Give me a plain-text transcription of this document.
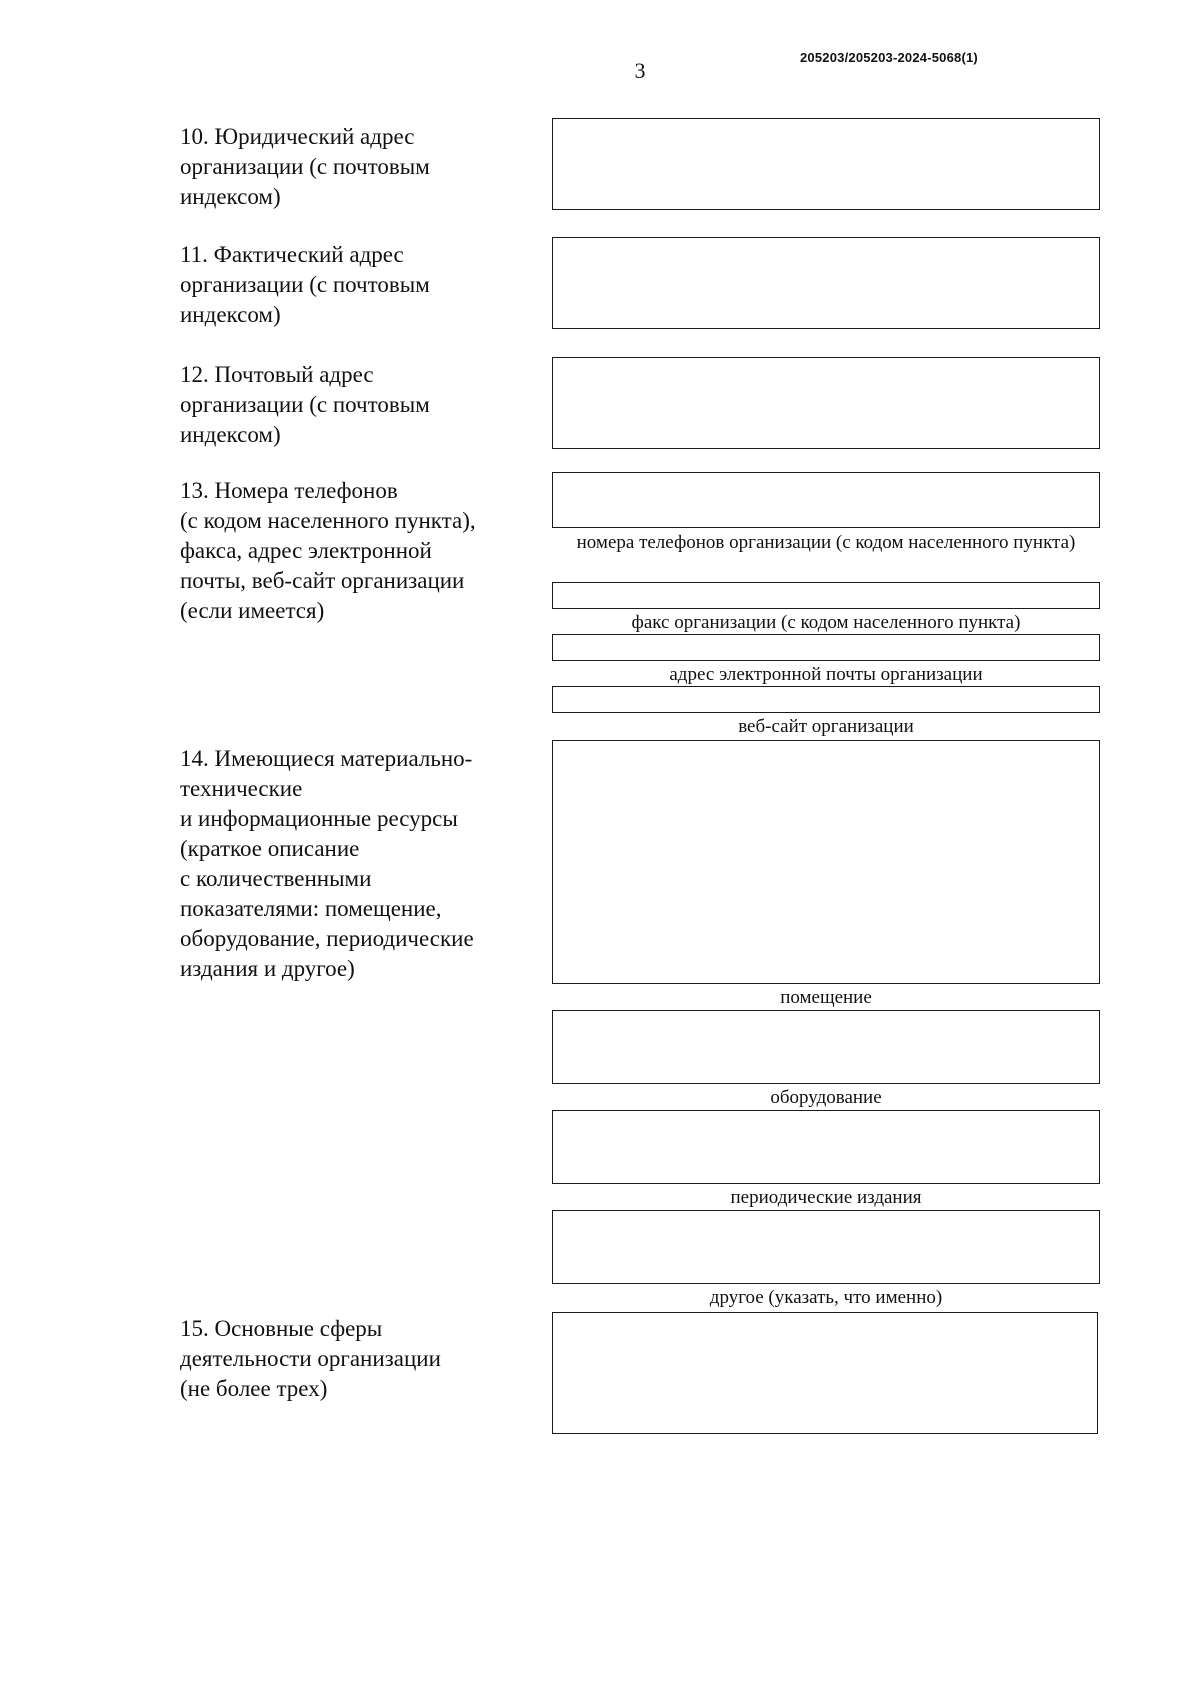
3
205203/205203-2024-5068(1)
10. Юридический адрес
организации (с почтовым
индексом)
11. Фактический адрес
организации (с почтовым
индексом)
12. Почтовый адрес
организации (с почтовым
индексом)
13. Номера телефонов
(с кодом населенного пункта),
факса, адрес электронной
почты, веб-сайт организации
(если имеется)
номера телефонов организации (с кодом населенного пункта)
факс организации (с кодом населенного пункта)
адрес электронной почты организации
веб-сайт организации
14. Имеющиеся материально-
технические
и информационные ресурсы
(краткое описание
с количественными
показателями: помещение,
оборудование, периодические
издания и другое)
помещение
оборудование
периодические издания
другое (указать, что именно)
15. Основные сферы
деятельности организации
(не более трех)
